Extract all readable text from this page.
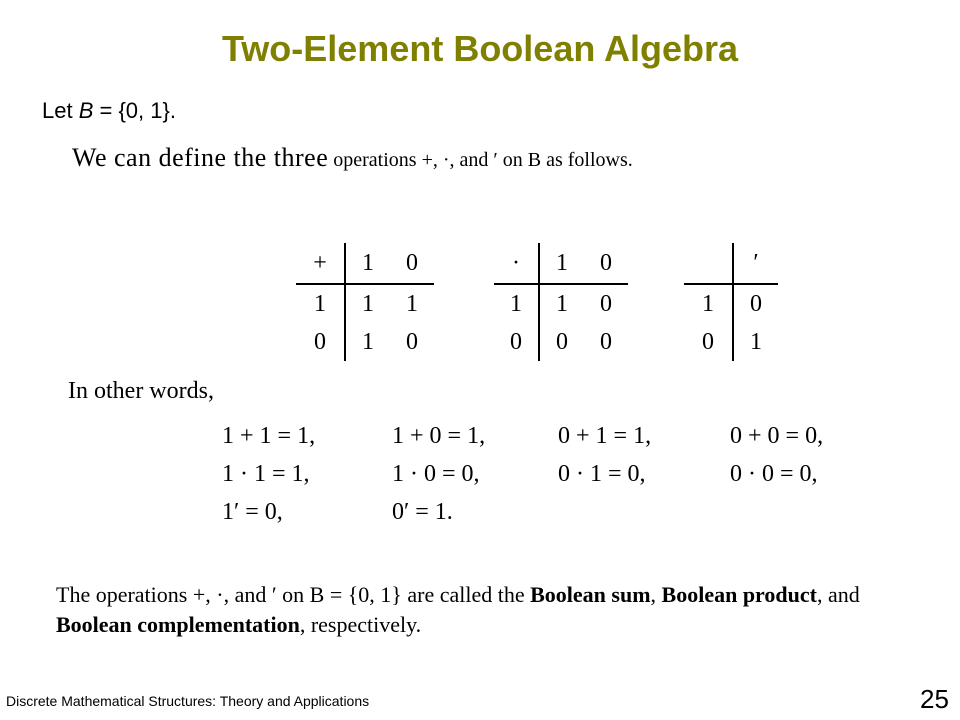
Two-Element Boolean Algebra
Let B = {0, 1}.
We can define the three operations +, ·, and ′ on B as follows.
+	1	0
1	1	1
0	1	0
·	1	0
1	1	0
0	0	0
	′
1	0
0	1
In other words,
1 + 1 = 1,	1 + 0 = 1,	0 + 1 = 1,	0 + 0 = 0,
1 · 1 = 1,	1 · 0 = 0,	0 · 1 = 0,	0 · 0 = 0,
1′ = 0,	0′ = 1.
The operations +, ·, and ′ on B = {0, 1} are called the Boolean sum, Boolean product, and Boolean complementation, respectively.
Discrete Mathematical Structures: Theory and Applications	25
